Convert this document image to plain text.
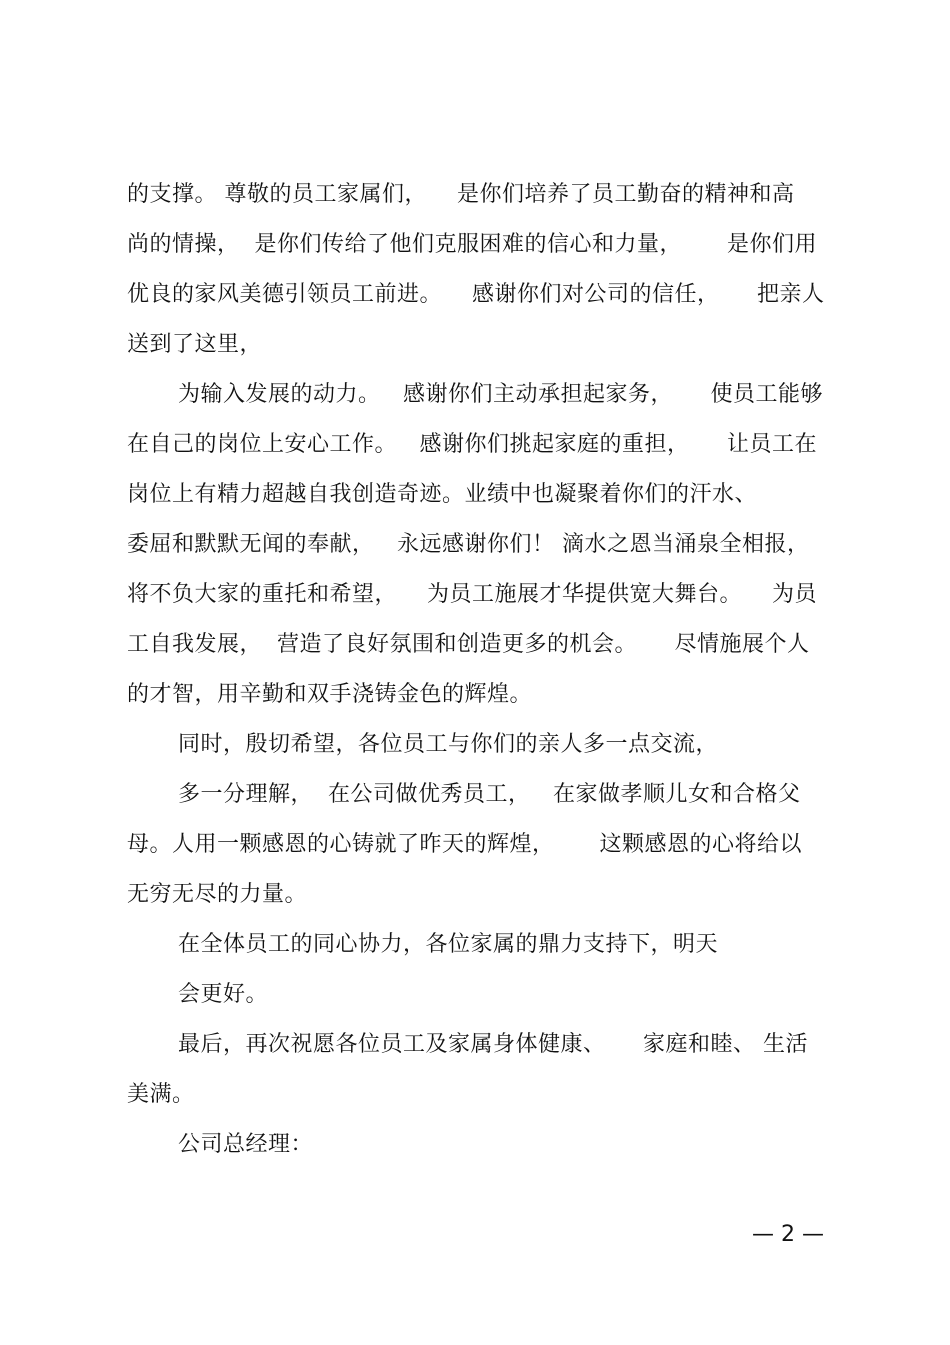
的支撑。 尊敬的员工家属们，    是你们培养了员工勤奋的精神和高
尚的情操，  是你们传给了他们克服困难的信心和力量，      是你们用
优良的家风美德引领员工前进。    感谢你们对公司的信任，     把亲人
送到了这里，
为输入发展的动力。   感谢你们主动承担起家务，     使员工能够
在自己的岗位上安心工作。   感谢你们挑起家庭的重担，     让员工在
岗位上有精力超越自我创造奇迹。业绩中也凝聚着你们的汗水、
委屈和默默无闻的奉献，   永远感谢你们！ 滴水之恩当涌泉全相报，
将不负大家的重托和希望，    为员工施展才华提供宽大舞台。    为员
工自我发展，  营造了良好氛围和创造更多的机会。     尽情施展个人
的才智，用辛勤和双手浇铸金色的辉煌。
同时，殷切希望，各位员工与你们的亲人多一点交流，
多一分理解，  在公司做优秀员工，   在家做孝顺儿女和合格父
母。人用一颗感恩的心铸就了昨天的辉煌，      这颗感恩的心将给以
无穷无尽的力量。
在全体员工的同心协力，各位家属的鼎力支持下，明天
会更好。
最后，再次祝愿各位员工及家属身体健康、     家庭和睦、 生活
美满。
公司总经理：
— 2 —
